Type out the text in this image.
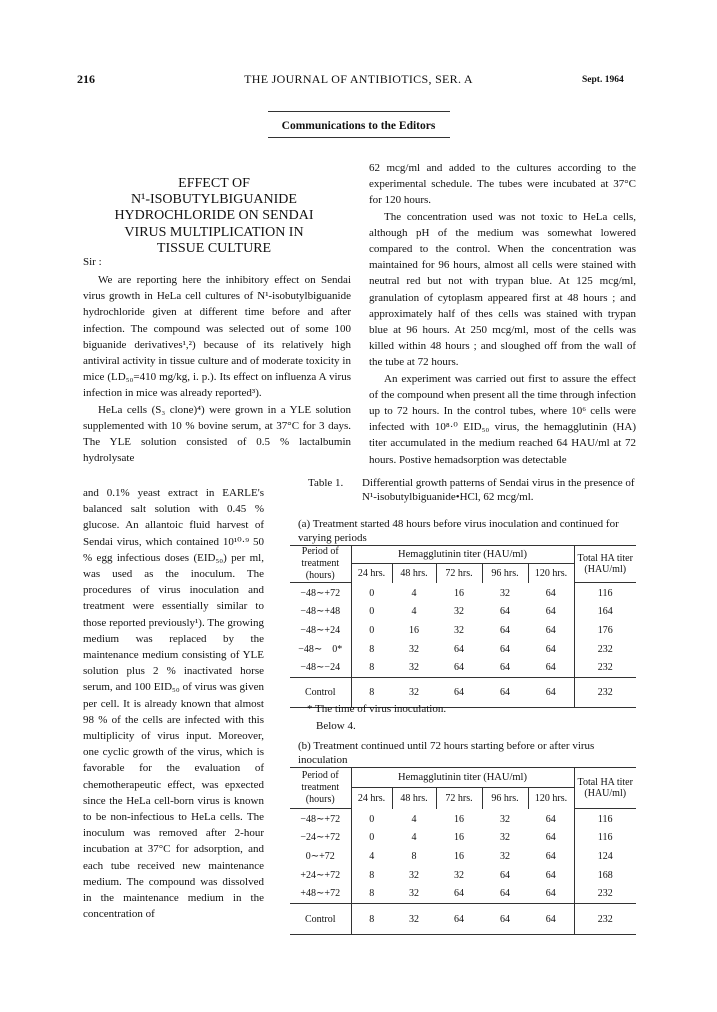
216	THE JOURNAL OF ANTIBIOTICS, SER. A	Sept. 1964
Communications to the Editors
EFFECT OF
N¹-ISOBUTYLBIGUANIDE
HYDROCHLORIDE ON SENDAI
VIRUS MULTIPLICATION IN
TISSUE CULTURE
Sir :

We are reporting here the inhibitory effect on Sendai virus growth in HeLa cell cultures of N¹-isobutylbiguanide hydrochloride given at different time before and after infection. The compound was selected out of some 100 biguanide derivatives¹,²) because of its relatively high antiviral activity in tissue culture and of moderate toxicity in mice (LD₅₀=410 mg/kg, i. p.). Its effect on influenza A virus infection in mice was already reported³).

HeLa cells (S₃ clone)⁴) were grown in a YLE solution supplemented with 10 % bovine serum, at 37°C for 3 days. The YLE solution consisted of 0.5 % lactalbumin hydrolysate

and 0.1% yeast extract in EARLE's balanced salt solution with 0.45 % glucose. An allantoic fluid harvest of Sendai virus, which contained 10¹⁰·⁹ 50 % egg infectious doses (EID₅₀) per ml, was used as the inoculum. The procedures of virus inoculation and treatment were essentially similar to those reported previously¹). The growing medium was replaced by the maintenance medium consisting of YLE solution plus 2 % inactivated horse serum, and 100 EID₅₀ of virus was given per cell. It is already known that almost 98 % of the cells are infected with this multiplicity of virus input. Moreover, one cyclic growth of the virus, which is favorable for the evaluation of chemotherapeutic effect, was epxected since the HeLa cell-born virus is known to be non-infectious to HeLa cells. The inoculum was removed after 2-hour incubation at 37°C for adsorption, and each tube received new maintenance medium. The compound was dissolved in the maintenance medium in the concentration of

62 mcg/ml and added to the cultures according to the experimental schedule. The tubes were incubated at 37°C for 120 hours.

The concentration used was not toxic to HeLa cells, although pH of the medium was somewhat lowered compared to the control. When the concentration was maintained for 96 hours, almost all cells were stained with neutral red but not with trypan blue. At 125 mcg/ml, granulation of cytoplasm appeared first at 48 hours ; and approximately half of thes cells was stained with trypan blue at 96 hours. At 250 mcg/ml, most of the cells was killed within 48 hours ; and sloughed off from the wall of the tube at 72 hours.

An experiment was carried out first to assure the effect of the compound when present all the time through infection up to 72 hours. In the control tubes, where 10⁶ cells were infected with 10⁸·⁰ EID₅₀ virus, the hemagglutinin (HA) titer accumulated in the medium reached 64 HAU/ml at 72 hours. Postive hemadsorption was detectable

Table 1. Differential growth patterns of Sendai virus in the presence of N¹-isobutylbiguanide•HCl, 62 mcg/ml.
(a) Treatment started 48 hours before virus inoculation and continued for varying periods
Period of treatment (hours)	Hemagglutinin titer (HAU/ml)					Total HA titer (HAU/ml)
	24 hrs.	48 hrs.	72 hrs.	96 hrs.	120 hrs.	
−48∼+72	0	4	16	32	64	116
−48∼+48	0	4	32	64	64	164
−48∼+24	0	16	32	64	64	176
−48∼    0*	8	32	64	64	64	232
−48∼−24	8	32	64	64	64	232
Control	8	32	64	64	64	232
* The time of virus inoculation.
Below 4.
(b) Treatment continued until 72 hours starting before or after virus inoculation
Period of treatment (hours)	Hemagglutinin titer (HAU/ml)					Total HA titer (HAU/ml)
	24 hrs.	48 hrs.	72 hrs.	96 hrs.	120 hrs.	
−48∼+72	0	4	16	32	64	116
−24∼+72	0	4	16	32	64	116
0∼+72	4	8	16	32	64	124
+24∼+72	8	32	32	64	64	168
+48∼+72	8	32	64	64	64	232
Control	8	32	64	64	64	232
